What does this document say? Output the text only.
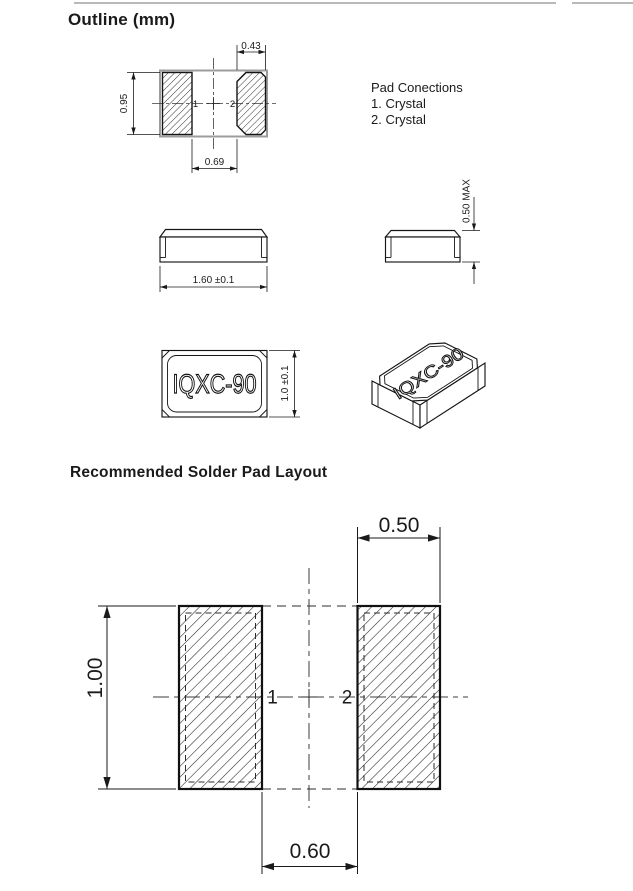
Outline (mm)
Recommended Solder Pad Layout
Pad Conections
1. Crystal
2. Crystal
1	2
0.43
0.95
0.69
1.60 ±0.1
0.50 MAX
IQXC-90 1.0 ±0.1	IQXC-90
1	2
0.50
1.00
0.60
